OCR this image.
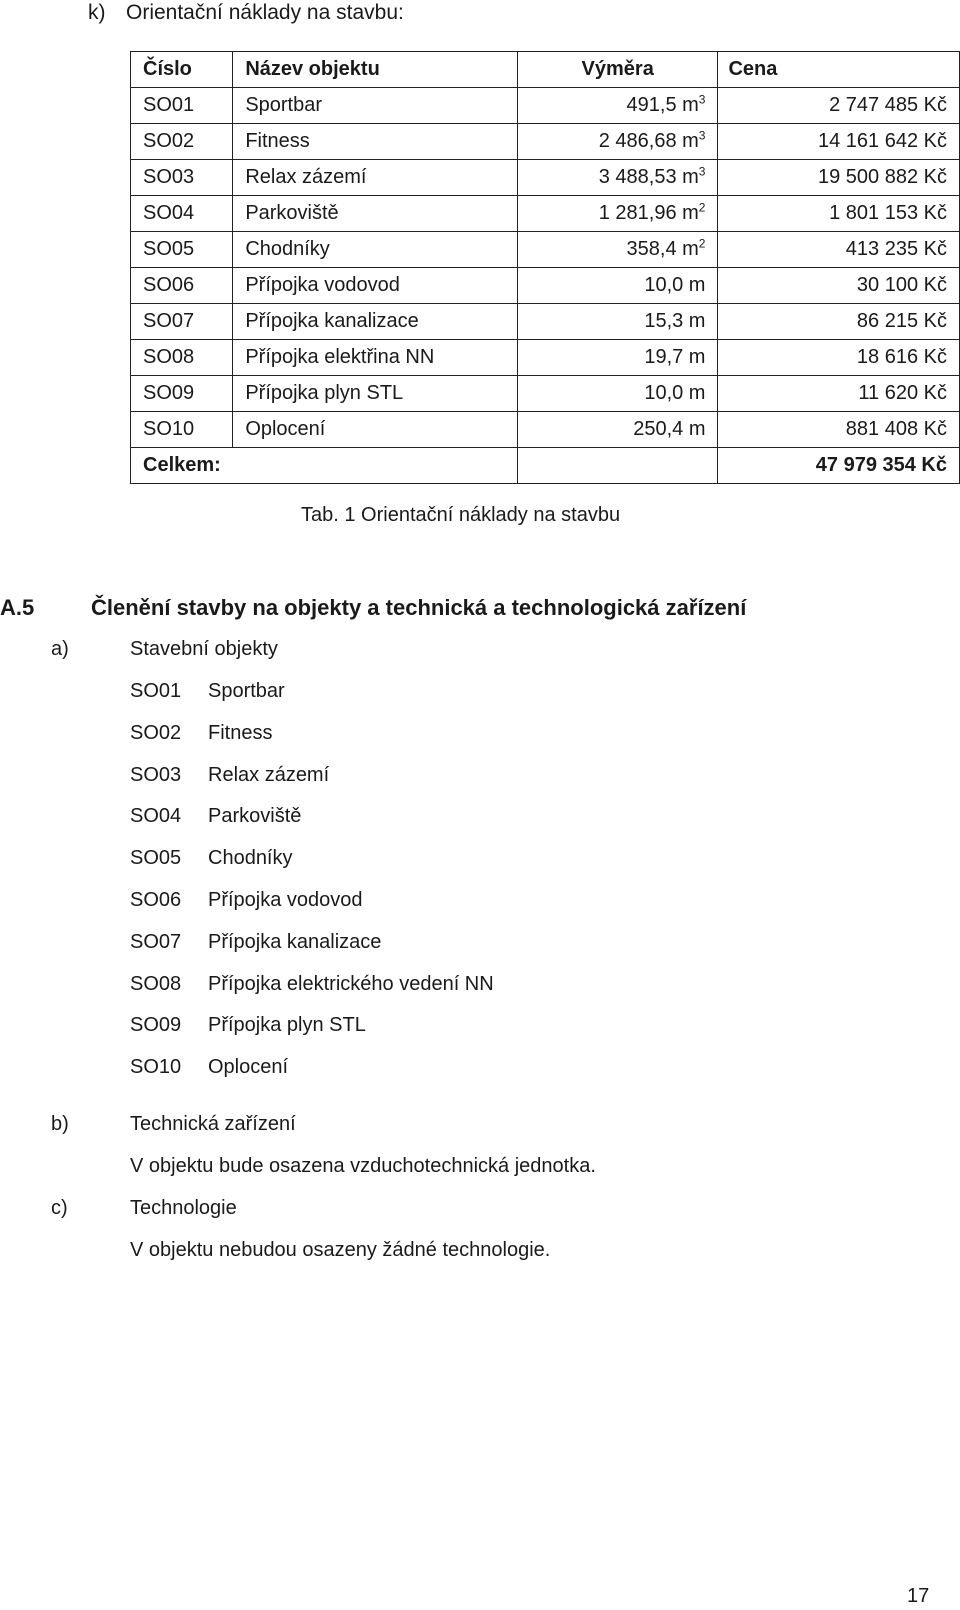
k) Orientační náklady na stavbu:
Číslo	Název objektu	Výměra	Cena
SO01	Sportbar	491,5 $m^3$	2 747 485 Kč
SO02	Fitness	2 486,68 $m^3$	14 161 642 Kč
SO03	Relax zázemí	3 488,53 $m^3$	19 500 882 Kč
SO04	Parkoviště	1 281,96 $m^2$	1 801 153 Kč
SO05	Chodníky	358,4 $m^2$	413 235 Kč
SO06	Přípojka vodovod	10,0 m	30 100 Kč
SO07	Přípojka kanalizace	15,3 m	86 215 Kč
SO08	Přípojka elektřina NN	19,7 m	18 616 Kč
SO09	Přípojka plyn STL	10,0 m	11 620 Kč
SO10	Oplocení	250,4 m	881 408 Kč
Celkem:			47 979 354 Kč
Tab. 1 Orientační náklady na stavbu
A.5	Členění stavby na objekty a technická a technologická zařízení
a)	Stavební objekty
SO01 Sportbar
SO02 Fitness
SO03 Relax zázemí
SO04 Parkoviště
SO05 Chodníky
SO06 Přípojka vodovod
SO07 Přípojka kanalizace
SO08 Přípojka elektrického vedení NN
SO09 Přípojka plyn STL
SO10 Oplocení
b)	Technická zařízení
V objektu bude osazena vzduchotechnická jednotka.
c)	Technologie
V objektu nebudou osazeny žádné technologie.
17
